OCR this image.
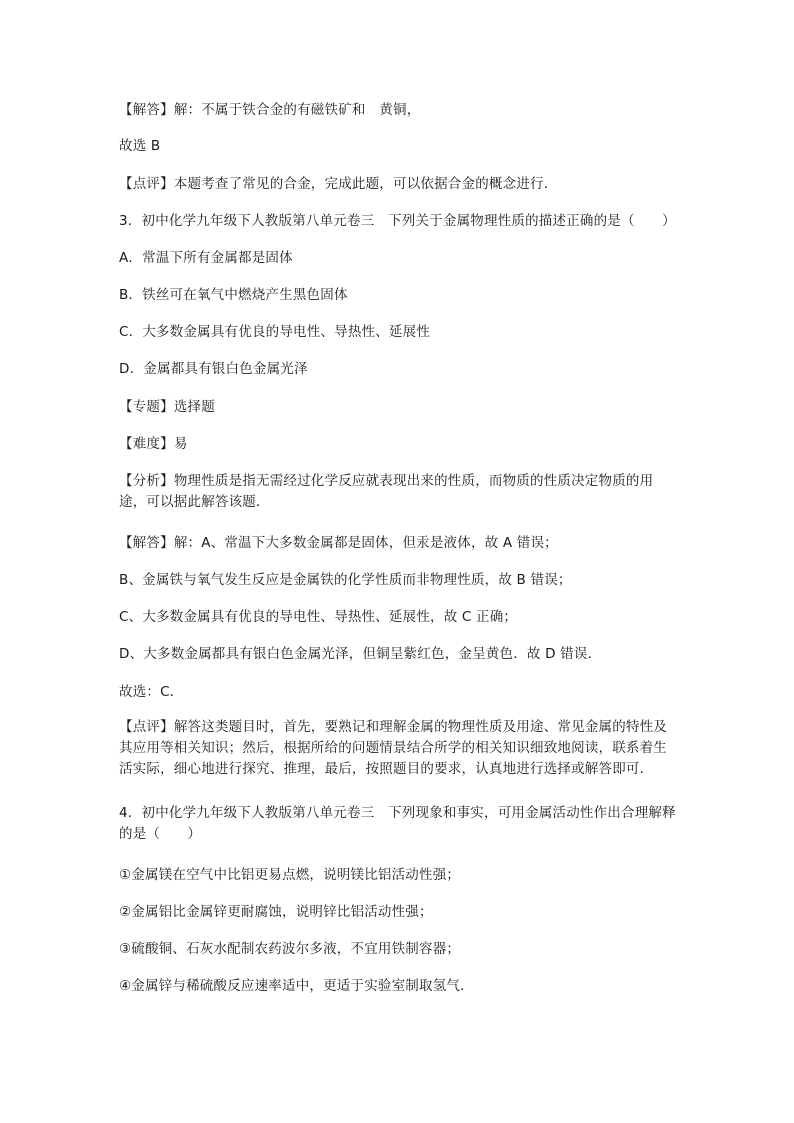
【解答】解：不属于铁合金的有磁铁矿和　黄铜，
故选 B
【点评】本题考查了常见的合金，完成此题，可以依据合金的概念进行．
3．初中化学九年级下人教版第八单元卷三　下列关于金属物理性质的描述正确的是（　　）
A．常温下所有金属都是固体
B．铁丝可在氧气中燃烧产生黑色固体
C．大多数金属具有优良的导电性、导热性、延展性
D．金属都具有银白色金属光泽
【专题】选择题
【难度】易
【分析】物理性质是指无需经过化学反应就表现出来的性质，而物质的性质决定物质的用途，可以据此解答该题．
【解答】解：A、常温下大多数金属都是固体，但汞是液体，故 A 错误；
B、金属铁与氧气发生反应是金属铁的化学性质而非物理性质，故 B 错误；
C、大多数金属具有优良的导电性、导热性、延展性，故 C 正确；
D、大多数金属都具有银白色金属光泽，但铜呈紫红色，金呈黄色．故 D 错误．
故选：C．
【点评】解答这类题目时，首先，要熟记和理解金属的物理性质及用途、常见金属的特性及其应用等相关知识；然后，根据所给的问题情景结合所学的相关知识细致地阅读，联系着生活实际，细心地进行探究、推理，最后，按照题目的要求，认真地进行选择或解答即可．
4．初中化学九年级下人教版第八单元卷三　下列现象和事实，可用金属活动性作出合理解释的是（　　）
①金属镁在空气中比铝更易点燃，说明镁比铝活动性强；
②金属铝比金属锌更耐腐蚀，说明锌比铝活动性强；
③硫酸铜、石灰水配制农药波尔多液，不宜用铁制容器；
④金属锌与稀硫酸反应速率适中，更适于实验室制取氢气．
